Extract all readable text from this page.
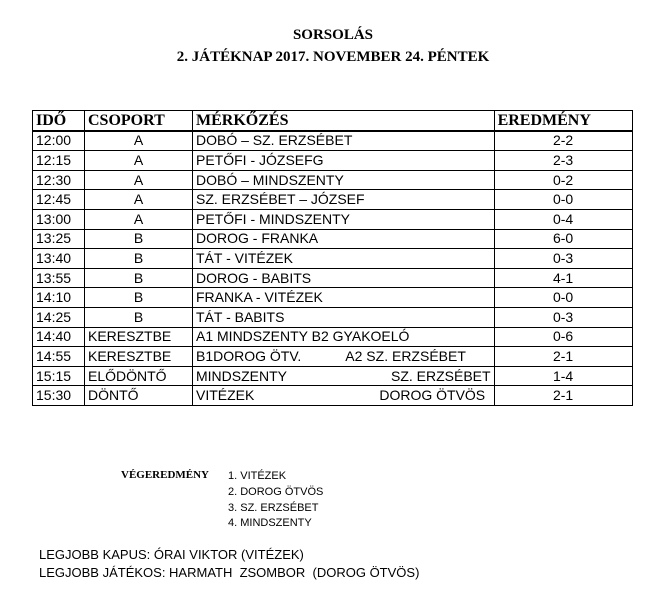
SORSOLÁS
2. JÁTÉKNAP 2017. NOVEMBER 24. PÉNTEK
IDŐ	CSOPORT	MÉRKŐZÉS	EREDMÉNY
12:00	A	DOBÓ – SZ. ERZSÉBET	2-2
12:15	A	PETŐFI - JÓZSEFG	2-3
12:30	A	DOBÓ – MINDSZENTY	0-2
12:45	A	SZ. ERZSÉBET – JÓZSEF	0-0
13:00	A	PETŐFI - MINDSZENTY	0-4
13:25	B	DOROG - FRANKA	6-0
13:40	B	TÁT - VITÉZEK	0-3
13:55	B	DOROG - BABITS	4-1
14:10	B	FRANKA - VITÉZEK	0-0
14:25	B	TÁT - BABITS	0-3
14:40	KERESZTBE	A1 MINDSZENTY B2 GYAKOELÓ	0-6
14:55	KERESZTBE	B1DOROG ÖTV. A2 SZ. ERZSÉBET	2-1
15:15	ELŐDÖNTŐ	MINDSZENTY SZ. ERZSÉBET	1-4
15:30	DÖNTŐ	VITÉZEK DOROG ÖTVÖS	2-1
VÉGEREDMÉNY 1. VITÉZEK
2. DOROG ÖTVÖS
3. SZ. ERZSÉBET
4. MINDSZENTY
LEGJOBB KAPUS: ÓRAI VIKTOR (VITÉZEK)
LEGJOBB JÁTÉKOS: HARMATH  ZSOMBOR  (DOROG ÖTVÖS)
